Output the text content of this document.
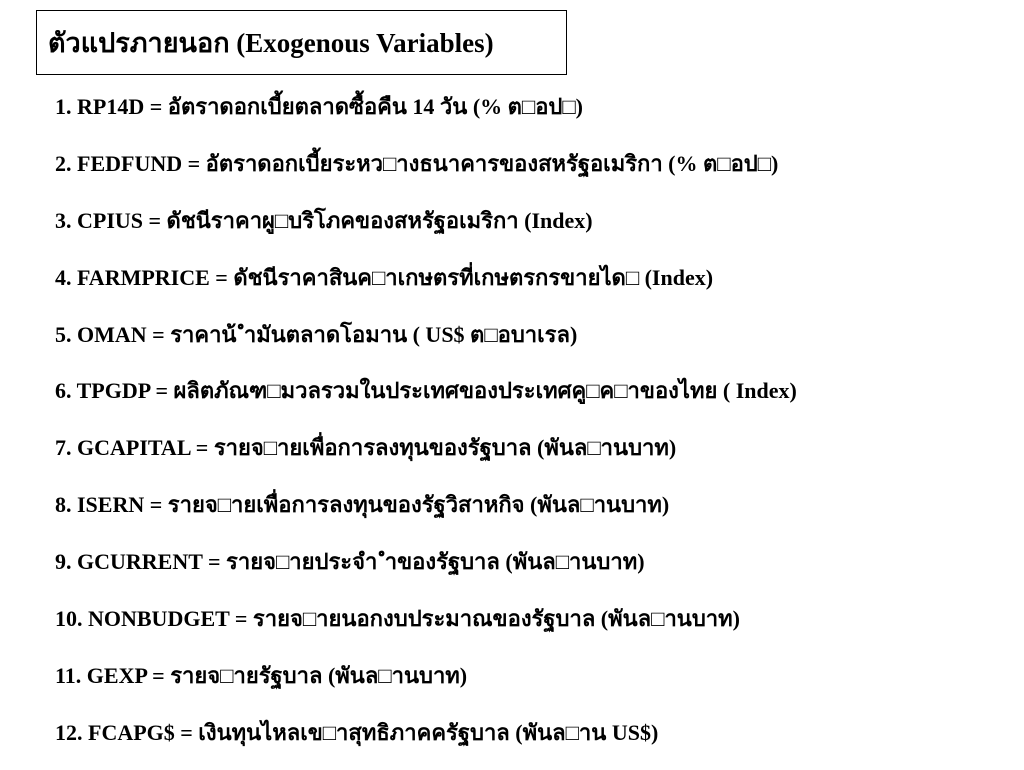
ตัวแปรภายนอก (Exogenous Variables)
1. RP14D = อัตราดอกเบี้ยตลาดซื้อคืน 14 วัน (% ต□อป□)
2. FEDFUND = อัตราดอกเบี้ยระหว□างธนาคารของสหรัฐอเมริกา (% ต□อป□)
3. CPIUS = ดัชนีราคาผู□บริโภคของสหรัฐอเมริกา (Index)
4. FARMPRICE = ดัชนีราคาสินค□าเกษตรที่เกษตรกรขายได□ (Index)
5. OMAN = ราคาน้ ำมันตลาดโอมาน ( US$ ต□อบาเรล)
6. TPGDP = ผลิตภัณฑ□มวลรวมในประเทศของประเทศคู□ค□าของไทย ( Index)
7. GCAPITAL = รายจ□ายเพื่อการลงทุนของรัฐบาล (พันล□านบาท)
8. ISERN = รายจ□ายเพื่อการลงทุนของรัฐวิสาหกิจ (พันล□านบาท)
9. GCURRENT = รายจ□ายประจำ ำของรัฐบาล (พันล□านบาท)
10. NONBUDGET = รายจ□ายนอกงบประมาณของรัฐบาล (พันล□านบาท)
11. GEXP = รายจ□ายรัฐบาล (พันล□านบาท)
12. FCAPG$ = เงินทุนไหลเข□าสุทธิภาคครัฐบาล (พันล□าน US$)
